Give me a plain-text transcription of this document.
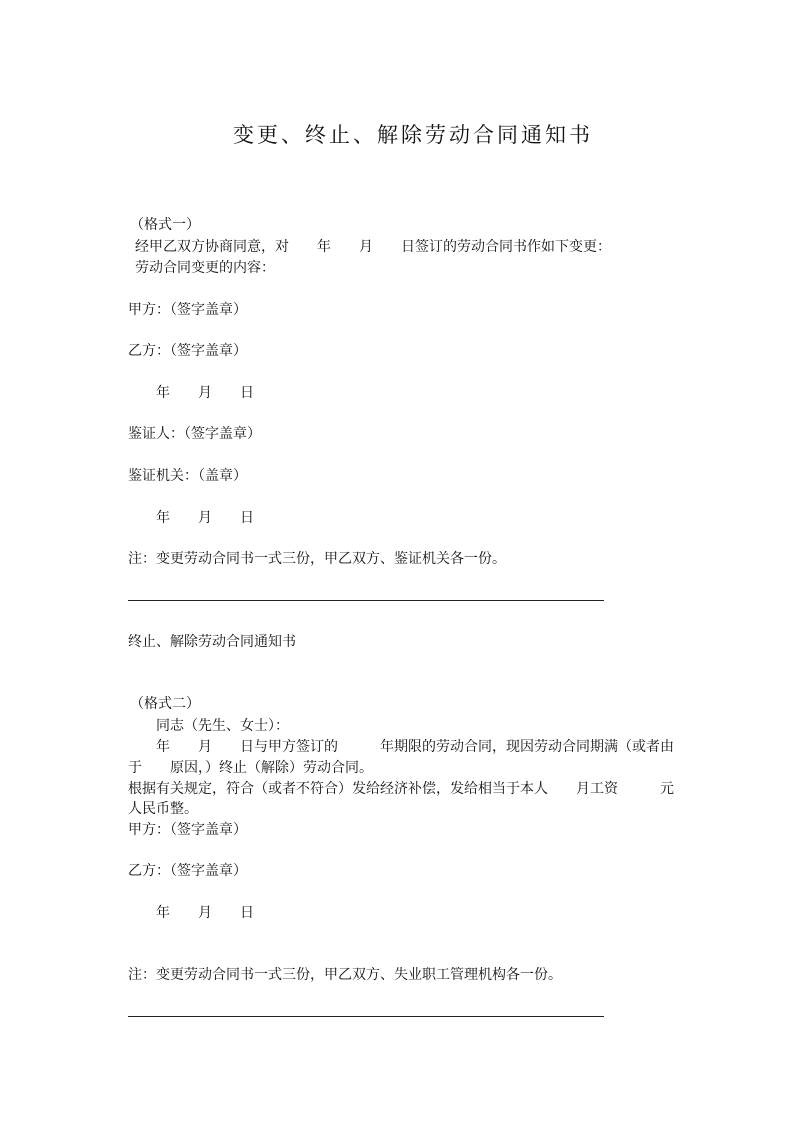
变更、终止、解除劳动合同通知书
（格式一）
经甲乙双方协商同意，对　　年　　月　　日签订的劳动合同书作如下变更：
劳动合同变更的内容：
甲方：（签字盖章）
乙方：（签字盖章）
年　　月　　日
鉴证人：（签字盖章）
鉴证机关：（盖章）
年　　月　　日
注：变更劳动合同书一式三份，甲乙双方、鉴证机关各一份。
终止、解除劳动合同通知书
（格式二）
同志（先生、女士）：
年　　月　　日与甲方签订的　　　年期限的劳动合同，现因劳动合同期满（或者由
于　　原因，）终止（解除）劳动合同。
根据有关规定，符合（或者不符合）发给经济补偿，发给相当于本人　　月工资　　　元
人民币整。
甲方：（签字盖章）
乙方：（签字盖章）
年　　月　　日
注：变更劳动合同书一式三份，甲乙双方、失业职工管理机构各一份。
